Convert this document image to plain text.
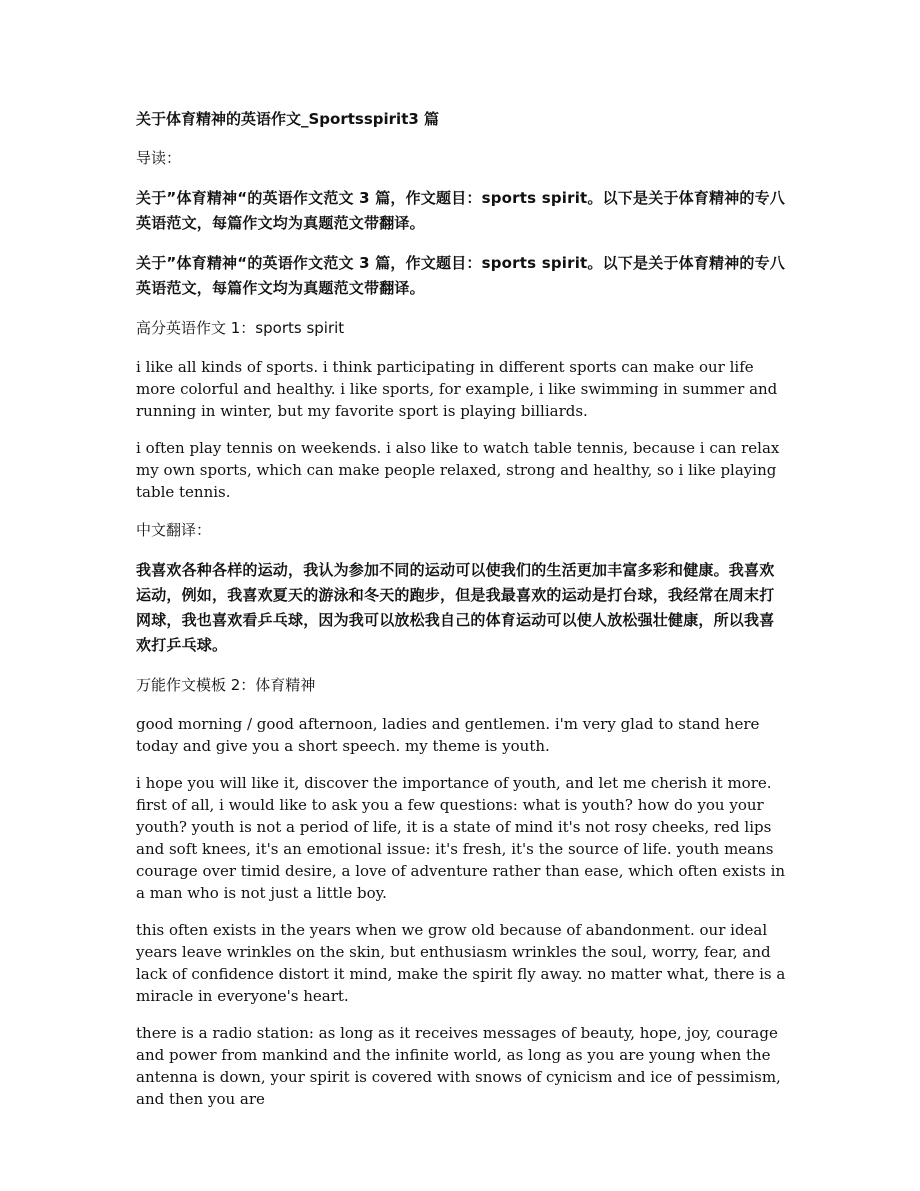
关于体育精神的英语作文_Sportsspirit3 篇

导读：

关于”体育精神“的英语作文范文 3 篇，作文题目：sports spirit。以下是关于体育精神的专八英语范文，每篇作文均为真题范文带翻译。

关于”体育精神“的英语作文范文 3 篇，作文题目：sports spirit。以下是关于体育精神的专八英语范文，每篇作文均为真题范文带翻译。

高分英语作文 1：sports spirit

i like all kinds of sports. i think participating in different sports can make our life more colorful and healthy. i like sports, for example, i like swimming in summer and running in winter, but my favorite sport is playing billiards.

i often play tennis on weekends. i also like to watch table tennis, because i can relax my own sports, which can make people relaxed, strong and healthy, so i like playing table tennis.

中文翻译：

我喜欢各种各样的运动，我认为参加不同的运动可以使我们的生活更加丰富多彩和健康。我喜欢运动，例如，我喜欢夏天的游泳和冬天的跑步，但是我最喜欢的运动是打台球，我经常在周末打网球，我也喜欢看乒乓球，因为我可以放松我自己的体育运动可以使人放松强壮健康，所以我喜欢打乒乓球。

万能作文模板 2：体育精神

good morning / good afternoon, ladies and gentlemen. i'm very glad to stand here today and give you a short speech. my theme is youth.

i hope you will like it, discover the importance of youth, and let me cherish it more. first of all, i would like to ask you a few questions: what is youth? how do you your youth? youth is not a period of life, it is a state of mind it's not rosy cheeks, red lips and soft knees, it's an emotional issue: it's fresh, it's the source of life. youth means courage over timid desire, a love of adventure rather than ease, which often exists in a man who is not just a little boy.

this often exists in the years when we grow old because of abandonment. our ideal years leave wrinkles on the skin, but enthusiasm wrinkles the soul, worry, fear, and lack of confidence distort it mind, make the spirit fly away. no matter what, there is a miracle in everyone's heart.

there is a radio station: as long as it receives messages of beauty, hope, joy, courage and power from mankind and the infinite world, as long as you are young when the antenna is down, your spirit is covered with snows of cynicism and ice of pessimism, and then you are
